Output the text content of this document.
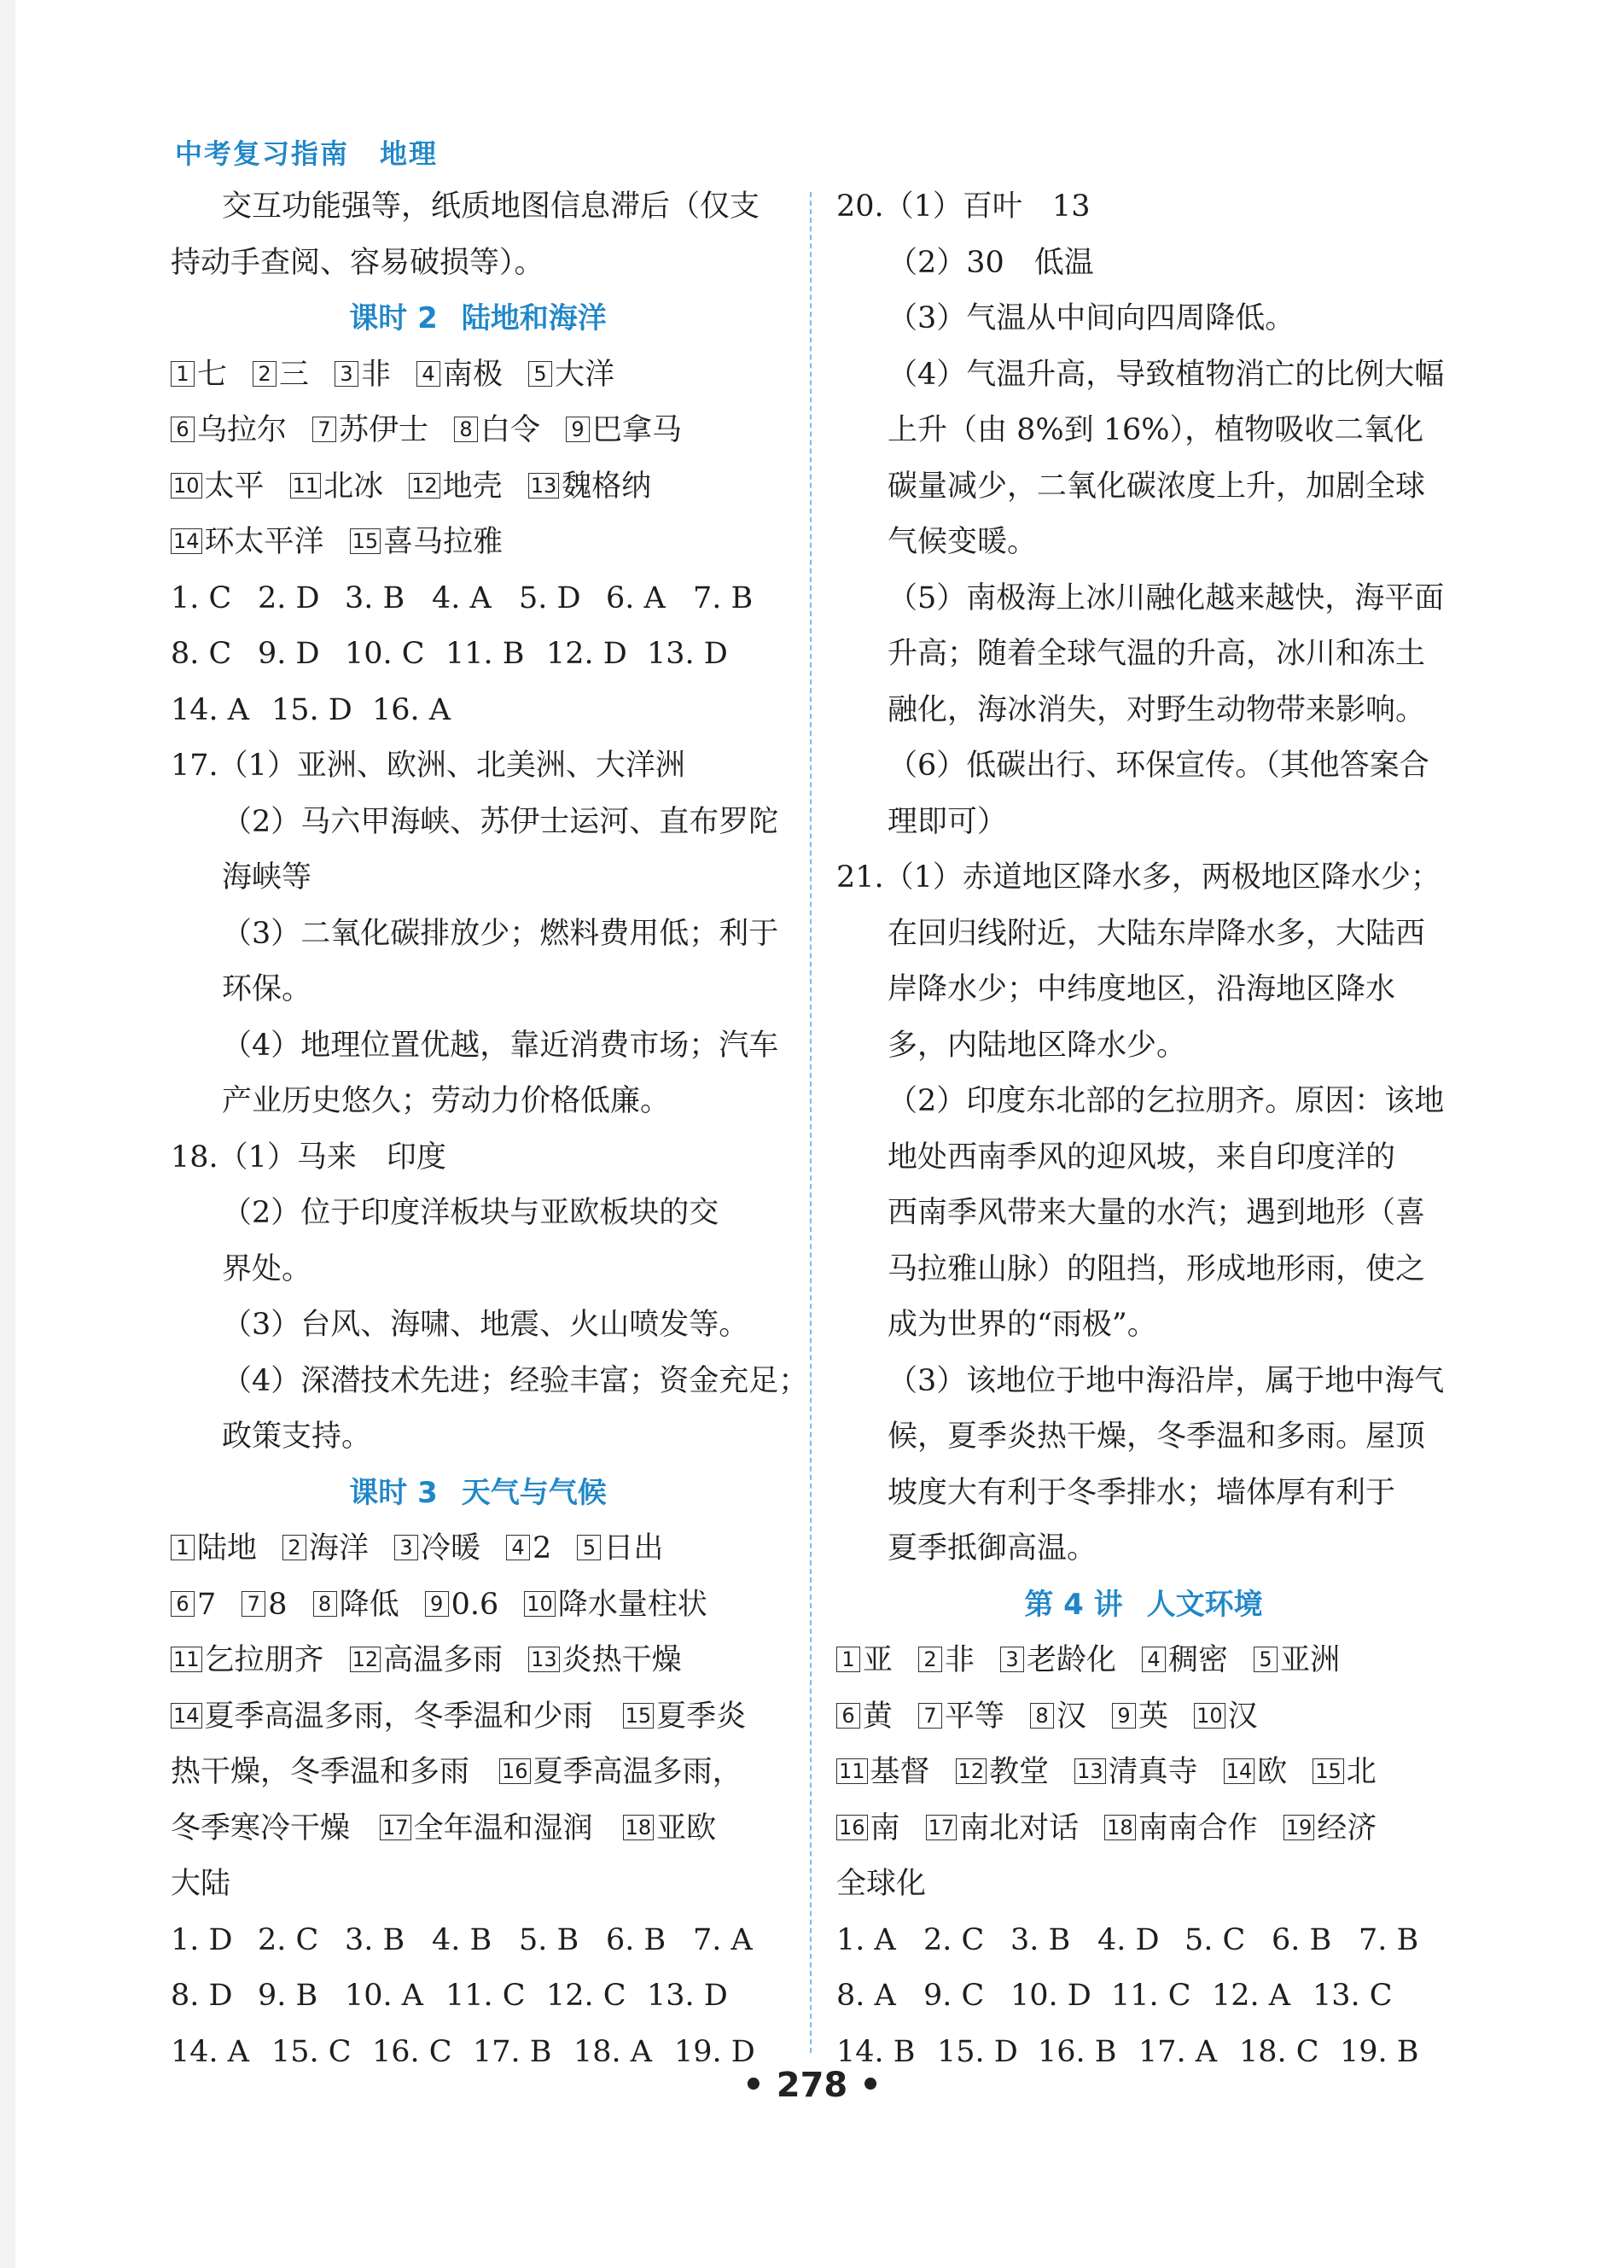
中考复习指南 地理
交互功能强等，纸质地图信息滞后（仅支
持动手查阅、容易破损等）。
课时 2 陆地和海洋
1 七 2 三 3 非 4 南极 5 大洋
6 乌拉尔 7 苏伊士 8 白令 9 巴拿马
10 太平 11 北冰 12 地壳 13 魏格纳
14 环太平洋 15 喜马拉雅
1. C 2. D 3. B 4. A 5. D 6. A 7. B
8. C 9. D 10. C 11. B 12. D 13. D
14. A 15. D 16. A
17.（1）亚洲、欧洲、北美洲、大洋洲
（2）马六甲海峡、苏伊士运河、直布罗陀
海峡等
（3）二氧化碳排放少；燃料费用低；利于
环保。
（4）地理位置优越，靠近消费市场；汽车
产业历史悠久；劳动力价格低廉。
18.（1）马来　印度
（2）位于印度洋板块与亚欧板块的交
界处。
（3）台风、海啸、地震、火山喷发等。
（4）深潜技术先进；经验丰富；资金充足；
政策支持。
课时 3 天气与气候
1 陆地 2 海洋 3 冷暖 4 2 5 日出
6 7 7 8 8 降低 9 0.6 10 降水量柱状
11 乞拉朋齐 12 高温多雨 13 炎热干燥
14 夏季高温多雨，冬季温和少雨　 15 夏季炎
热干燥，冬季温和多雨　 16 夏季高温多雨，
冬季寒冷干燥　 17 全年温和湿润　 18 亚欧
大陆
1. D 2. C 3. B 4. B 5. B 6. B 7. A
8. D 9. B 10. A 11. C 12. C 13. D
14. A 15. C 16. C 17. B 18. A 19. D
20.（1）百叶　13
（2）30　低温
（3）气温从中间向四周降低。
（4）气温升高，导致植物消亡的比例大幅
上升（由 8%到 16%），植物吸收二氧化
碳量减少，二氧化碳浓度上升，加剧全球
气候变暖。
（5）南极海上冰川融化越来越快，海平面
升高；随着全球气温的升高，冰川和冻土
融化，海冰消失，对野生动物带来影响。
（6）低碳出行、环保宣传。（其他答案合
理即可）
21.（1）赤道地区降水多，两极地区降水少；
在回归线附近，大陆东岸降水多，大陆西
岸降水少；中纬度地区，沿海地区降水
多，内陆地区降水少。
（2）印度东北部的乞拉朋齐。原因：该地
地处西南季风的迎风坡，来自印度洋的
西南季风带来大量的水汽；遇到地形（喜
马拉雅山脉）的阻挡，形成地形雨，使之
成为世界的“雨极”。
（3）该地位于地中海沿岸，属于地中海气
候，夏季炎热干燥，冬季温和多雨。屋顶
坡度大有利于冬季排水；墙体厚有利于
夏季抵御高温。
第 4 讲 人文环境
1 亚 2 非 3 老龄化 4 稠密 5 亚洲
6 黄 7 平等 8 汉 9 英 10 汉
11 基督 12 教堂 13 清真寺 14 欧 15 北
16 南 17 南北对话 18 南南合作 19 经济
全球化
1. A 2. C 3. B 4. D 5. C 6. B 7. B
8. A 9. C 10. D 11. C 12. A 13. C
14. B 15. D 16. B 17. A 18. C 19. B
• 278 •
